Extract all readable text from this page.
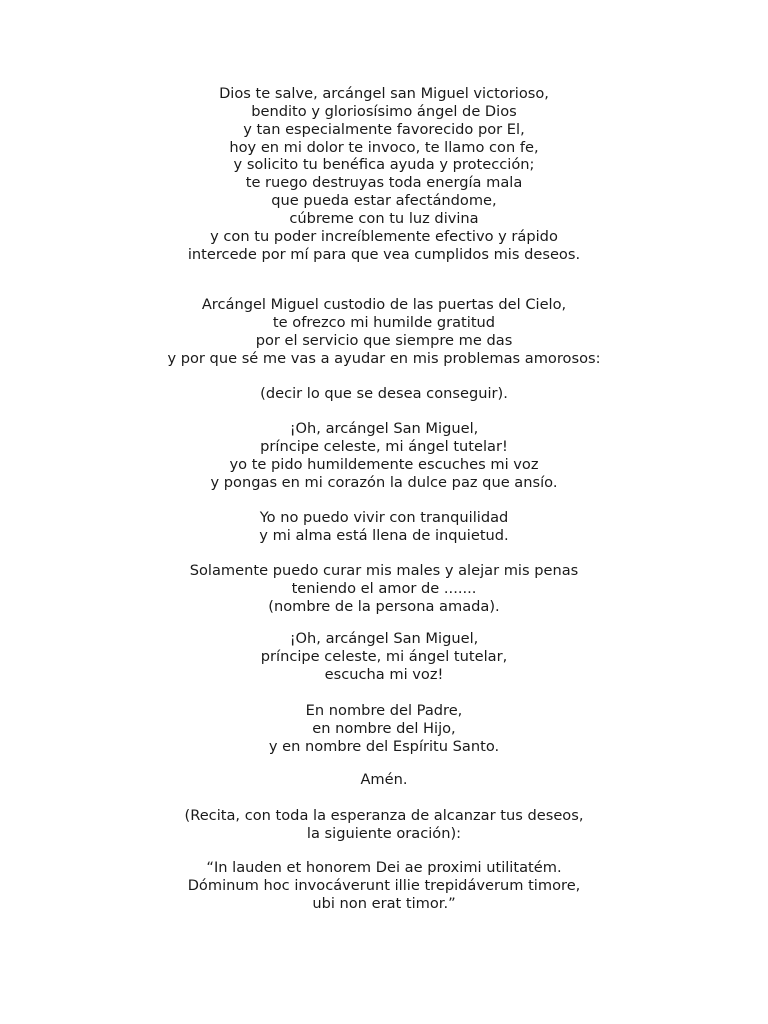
Dios te salve, arcángel san Miguel victorioso,
bendito y gloriosísimo ángel de Dios
y tan especialmente favorecido por El,
hoy en mi dolor te invoco, te llamo con fe,
y solicito tu benéfica ayuda y protección;
te ruego destruyas toda energía mala
que pueda estar afectándome,
cúbreme con tu luz divina
y con tu poder increíblemente efectivo y rápido
intercede por mí para que vea cumplidos mis deseos.
Arcángel Miguel custodio de las puertas del Cielo,
te ofrezco mi humilde gratitud
por el servicio que siempre me das
y por que sé me vas a ayudar en mis problemas amorosos:
(decir lo que se desea conseguir).
¡Oh, arcángel San Miguel,
príncipe celeste, mi ángel tutelar!
yo te pido humildemente escuches mi voz
y pongas en mi corazón la dulce paz que ansío.
Yo no puedo vivir con tranquilidad
y mi alma está llena de inquietud.
Solamente puedo curar mis males y alejar mis penas
teniendo el amor de .......
(nombre de la persona amada).
¡Oh, arcángel San Miguel,
príncipe celeste, mi ángel tutelar,
escucha mi voz!
En nombre del Padre,
en nombre del Hijo,
y en nombre del Espíritu Santo.
Amén.
(Recita, con toda la esperanza de alcanzar tus deseos,
la siguiente oración):
“In lauden et honorem Dei ae proximi utilitatém.
Dóminum hoc invocáverunt illie trepidáverum timore,
ubi non erat timor.”
